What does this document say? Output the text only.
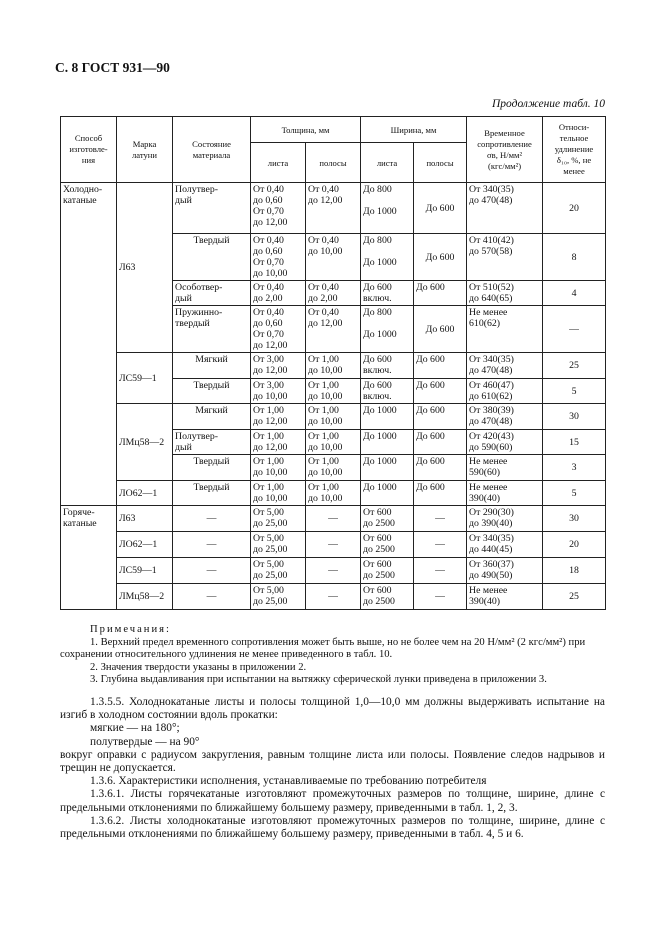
С. 8 ГОСТ 931—90
Продолжение табл. 10
Способ
изготовле-
ния	Марка
латуни	Состояние
материала	Толщина, мм		Ширина, мм		Временное
сопротивление
σв, Н/мм²
(кгс/мм²)	Относи-
тельное
удлинение
δ₁₀, %, не
менее

			листа	полосы	листа	полосы		

Холодно-
катаные	Л63	Полутвер-
дый	От 0,40
до 0,60
От 0,70
до 12,00	От 0,40
до 12,00	До 800
До 1000	До 600	От 340(35)
до 470(48)	20

		Твердый	От 0,40
до 0,60
От 0,70
до 10,00	От 0,40
до 10,00	До 800
До 1000	До 600	От 410(42)
до 570(58)	8

		Особотвер-
дый	От 0,40
до 2,00	От 0,40
до 2,00	До 600
включ.	До 600	От 510(52)
до 640(65)	4

		Пружинно-
твердый	От 0,40
до 0,60
От 0,70
до 12,00	От 0,40
до 12,00	До 800
До 1000	До 600	Не менее
610(62)	—

	ЛС59—1	Мягкий	От 3,00
до 12,00	От 1,00
до 10,00	До 600
включ.	До 600	От 340(35)
до 470(48)	25

		Твердый	От 3,00
до 10,00	От 1,00
до 10,00	До 600
включ.	До 600	От 460(47)
до 610(62)	5

	ЛМц58—2	Мягкий	От 1,00
до 12,00	От 1,00
до 10,00	До 1000	До 600	От 380(39)
до 470(48)	30

		Полутвер-
дый	От 1,00
до 12,00	От 1,00
до 10,00	До 1000	До 600	От 420(43)
до 590(60)	15

		Твердый	От 1,00
до 10,00	От 1,00
до 10,00	До 1000	До 600	Не менее
590(60)	3

	ЛО62—1	Твердый	От 1,00
до 10,00	От 1,00
до 10,00	До 1000	До 600	Не менее
390(40)	5

Горяче-
катаные	Л63	—	От 5,00
до 25,00	—	От 600
до 2500	—	От 290(30)
до 390(40)	30

	ЛО62—1	—	От 5,00
до 25,00	—	От 600
до 2500	—	От 340(35)
до 440(45)	20

	ЛС59—1	—	От 5,00
до 25,00	—	От 600
до 2500	—	От 360(37)
до 490(50)	18

	ЛМц58—2	—	От 5,00
до 25,00	—	От 600
до 2500	—	Не менее
390(40)	25

Примечания:

1. Верхний предел временного сопротивления может быть выше, но не более чем на 20 Н/мм² (2 кгс/мм²) при сохранении относительного удлинения не менее приведенного в табл. 10.

2. Значения твердости указаны в приложении 2.

3. Глубина выдавливания при испытании на вытяжку сферической лунки приведена в приложении 3.

1.3.5.5. Холоднокатаные листы и полосы толщиной 1,0—10,0 мм должны выдерживать испытание на изгиб в холодном состоянии вдоль прокатки:

мягкие — на 180°;

полутвердые — на 90°

вокруг оправки с радиусом закругления, равным толщине листа или полосы. Появление следов надрывов и трещин не допускается.

1.3.6. Характеристики исполнения, устанавливаемые по требованию потребителя

1.3.6.1. Листы горячекатаные изготовляют промежуточных размеров по толщине, ширине, длине с предельными отклонениями по ближайшему большему размеру, приведенными в табл. 1, 2, 3.

1.3.6.2. Листы холоднокатаные изготовляют промежуточных размеров по толщине, ширине, длине с предельными отклонениями по ближайшему большему размеру, приведенными в табл. 4, 5 и 6.
